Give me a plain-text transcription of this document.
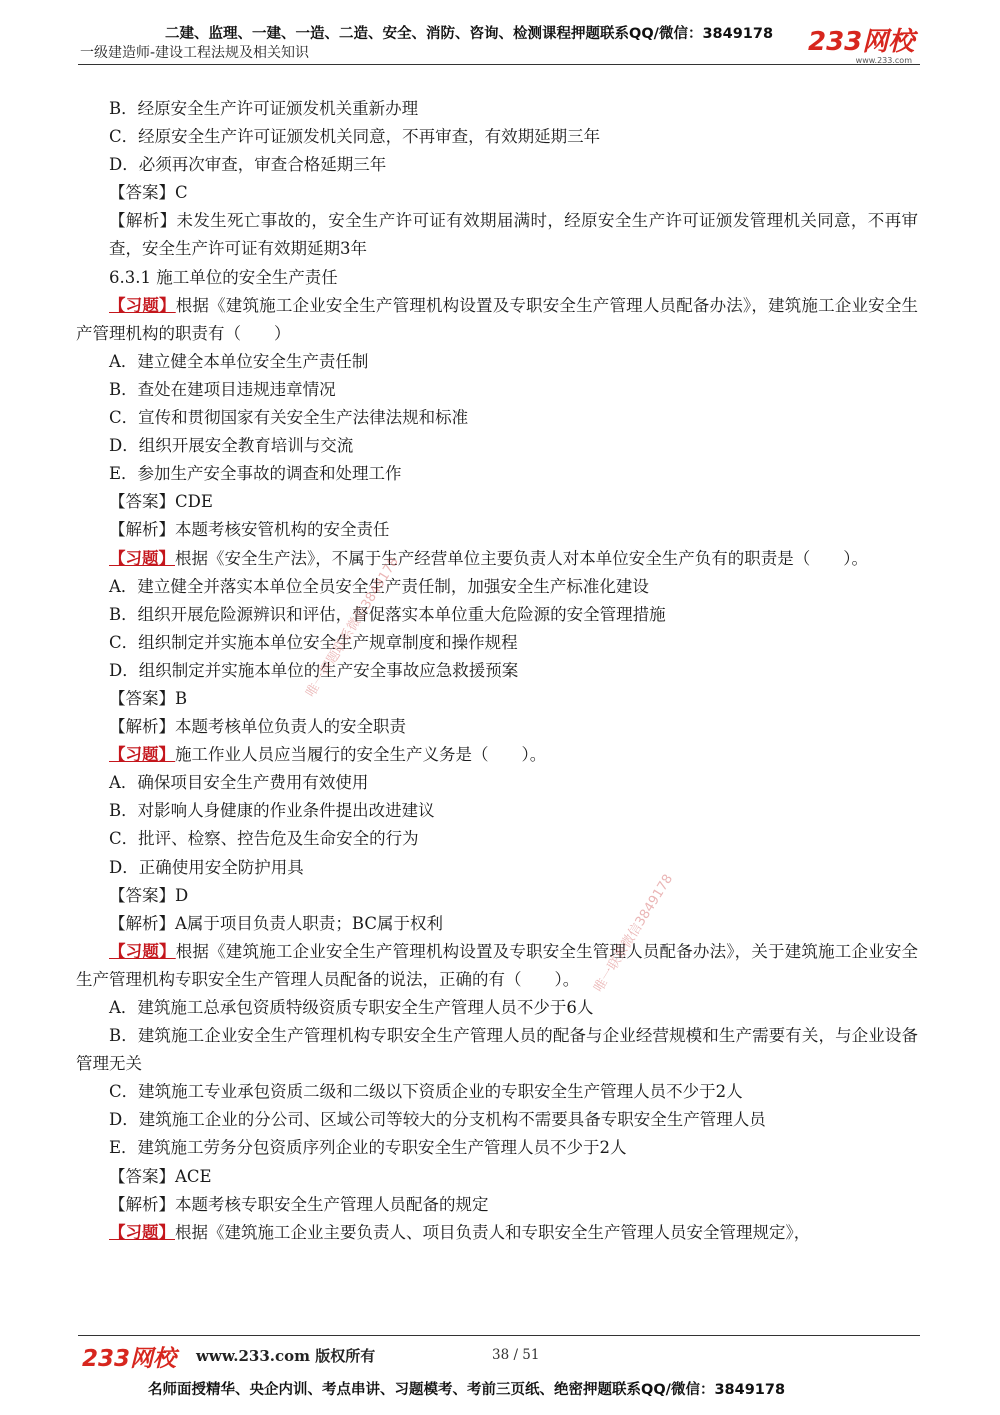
二建、监理、一建、一造、二造、安全、消防、咨询、检测课程押题联系QQ/微信：3849178
一级建造师-建设工程法规及相关知识	233网校
www.233.com
B．经原安全生产许可证颁发机关重新办理
C．经原安全生产许可证颁发机关同意，不再审查，有效期延期三年
D．必须再次审查，审查合格延期三年
【答案】C
【解析】未发生死亡事故的，安全生产许可证有效期届满时，经原安全生产许可证颁发管理机关同意，不再审查，安全生产许可证有效期延期3年
6.3.1 施工单位的安全生产责任
【习题】根据《建筑施工企业安全生产管理机构设置及专职安全生产管理人员配备办法》，建筑施工企业安全生产管理机构的职责有（　　）
A．建立健全本单位安全生产责任制
B．查处在建项目违规违章情况
C．宣传和贯彻国家有关安全生产法律法规和标准
D．组织开展安全教育培训与交流
E．参加生产安全事故的调查和处理工作
【答案】CDE
【解析】本题考核安管机构的安全责任
【习题】根据《安全生产法》，不属于生产经营单位主要负责人对本单位安全生产负有的职责是（　　）。
A．建立健全并落实本单位全员安全生产责任制，加强安全生产标准化建设
B．组织开展危险源辨识和评估，督促落实本单位重大危险源的安全管理措施
C．组织制定并实施本单位安全生产规章制度和操作规程
D．组织制定并实施本单位的生产安全事故应急救援预案
【答案】B
【解析】本题考核单位负责人的安全职责
【习题】施工作业人员应当履行的安全生产义务是（　　）。
A．确保项目安全生产费用有效使用
B．对影响人身健康的作业条件提出改进建议
C．批评、检察、控告危及生命安全的行为
D．正确使用安全防护用具
【答案】D
【解析】A属于项目负责人职责；BC属于权利
【习题】根据《建筑施工企业安全生产管理机构设置及专职安全生管理人员配备办法》，关于建筑施工企业安全生产管理机构专职安全生产管理人员配备的说法，正确的有（　　）。
A．建筑施工总承包资质特级资质专职安全生产管理人员不少于6人
B．建筑施工企业安全生产管理机构专职安全生产管理人员的配备与企业经营规模和生产需要有关，与企业设备管理无关
C．建筑施工专业承包资质二级和二级以下资质企业的专职安全生产管理人员不少于2人
D．建筑施工企业的分公司、区域公司等较大的分支机构不需要具备专职安全生产管理人员
E．建筑施工劳务分包资质序列企业的专职安全生产管理人员不少于2人
【答案】ACE
【解析】本题考核专职安全生产管理人员配备的规定
【习题】根据《建筑施工企业主要负责人、项目负责人和专职安全生产管理人员安全管理规定》，
唯一押题联系微信3849178
唯一联系微信3849178
233网校 www.233.com 版权所有	38 / 51
名师面授精华、央企内训、考点串讲、习题模考、考前三页纸、绝密押题联系QQ/微信：3849178
